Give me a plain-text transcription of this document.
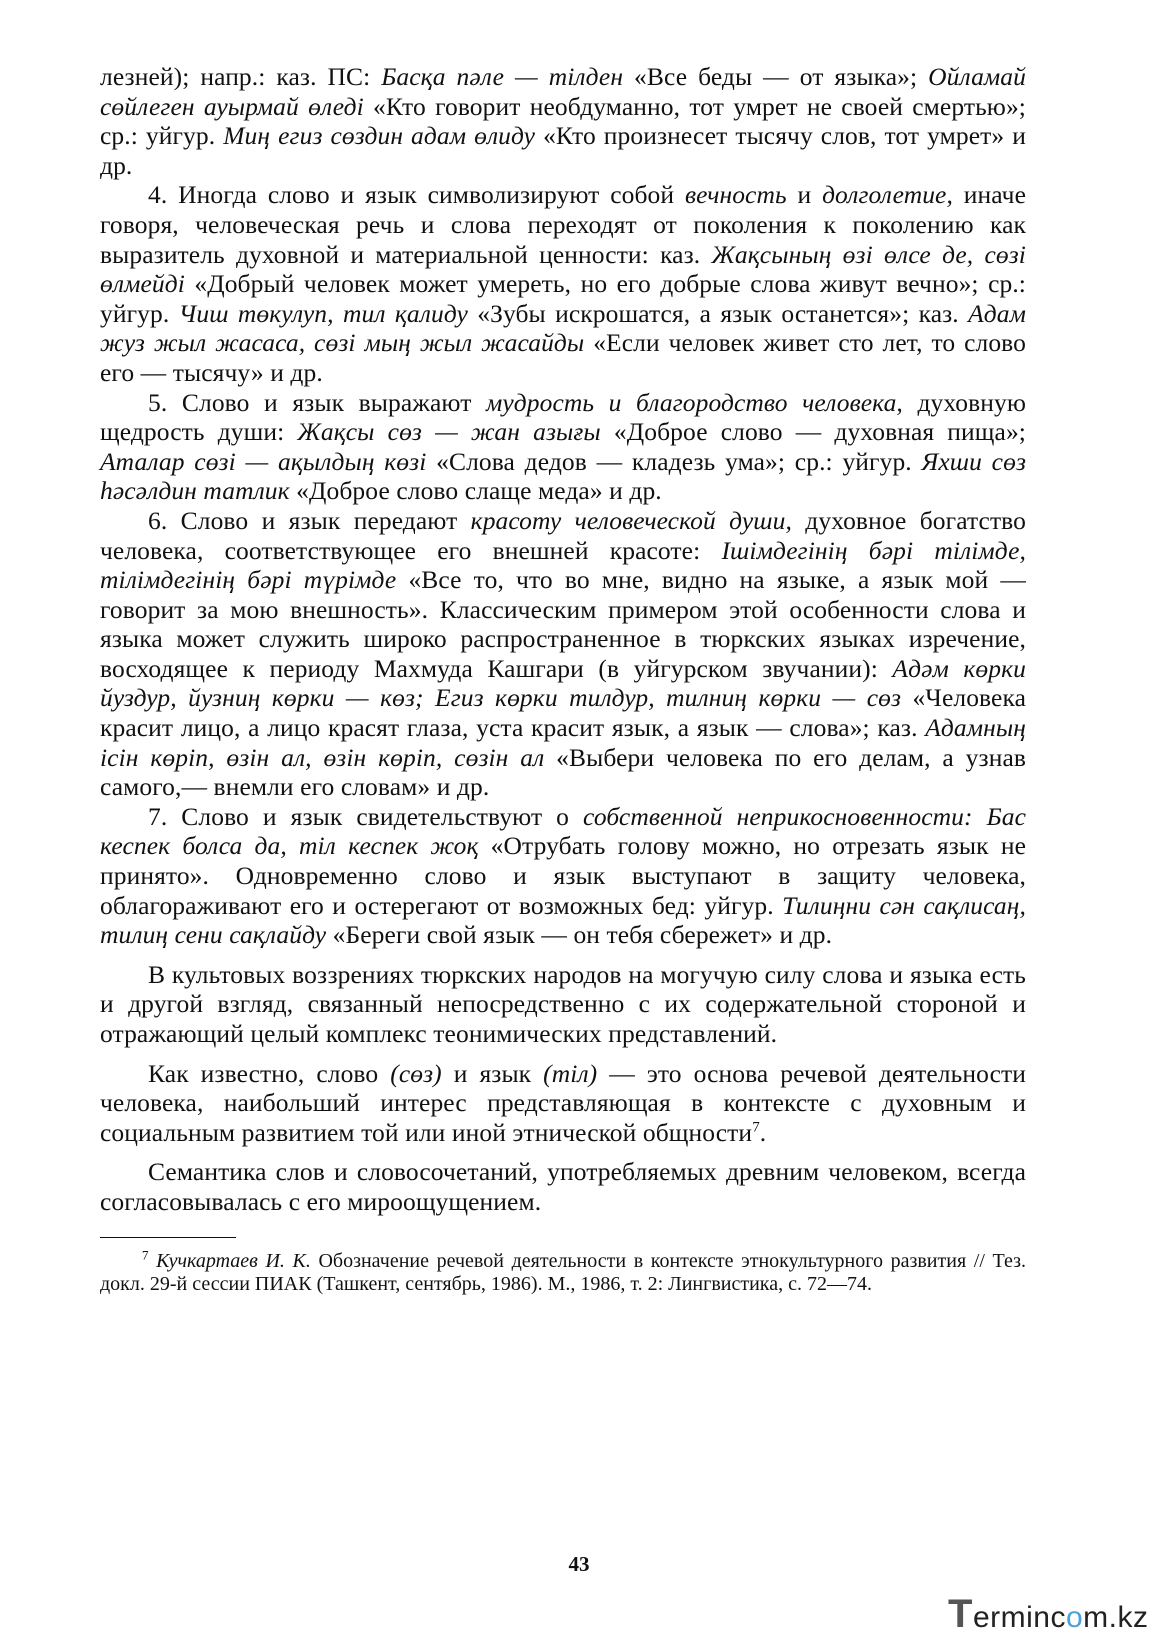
лезней); напр.: каз. ПС: Басқа пәле — тілден «Все беды — от языка»; Ойламай сөйлеген ауырмай өледі «Кто говорит необдуманно, тот умрет не своей смертью»; ср.: уйгур. Миң егиз сөздин адам өлиду «Кто произнесет тысячу слов, тот умрет» и др.

4. Иногда слово и язык символизируют собой вечность и долголетие, иначе говоря, человеческая речь и слова переходят от поколения к поколению как выразитель духовной и материальной ценности: каз. Жақсының өзі өлсе де, сөзі өлмейді «Добрый человек может умереть, но его добрые слова живут вечно»; ср.: уйгур. Чиш төкулуп, тил қалиду «Зубы искрошатся, а язык останется»; каз. Адам жуз жыл жасаса, сөзі мың жыл жасайды «Если человек живет сто лет, то слово его — тысячу» и др.

5. Слово и язык выражают мудрость и благородство человека, духовную щедрость души: Жақсы сөз — жан азығы «Доброе слово — духовная пища»; Аталар сөзі — ақылдың көзі «Слова дедов — кладезь ума»; ср.: уйгур. Яхши сөз һәсәлдин татлик «Доброе слово слаще меда» и др.

6. Слово и язык передают красоту человеческой души, духовное богатство человека, соответствующее его внешней красоте: Ішімдегінің бәрі тілімде, тілімдегінің бәрі түрімде «Все то, что во мне, видно на языке, а язык мой — говорит за мою внешность». Классическим примером этой особенности слова и языка может служить широко распространенное в тюркских языках изречение, восходящее к периоду Махмуда Кашгари (в уйгурском звучании): Адәм көрки йуздур, йузниң көрки — көз; Егиз көрки тилдур, тилниң көрки — сөз «Человека красит лицо, а лицо красят глаза, уста красит язык, а язык — слова»; каз. Адамның ісін көріп, өзін ал, өзін көріп, сөзін ал «Выбери человека по его делам, а узнав самого,— внемли его словам» и др.

7. Слово и язык свидетельствуют о собственной неприкосновенности: Бас кеспек болса да, тіл кеспек жоқ «Отрубать голову можно, но отрезать язык не принято». Одновременно слово и язык выступают в защиту человека, облагораживают его и остерегают от возможных бед: уйгур. Тилиңни сән сақлисаң, тилиң сени сақлайду «Береги свой язык — он тебя сбережет» и др.

В культовых воззрениях тюркских народов на могучую силу слова и языка есть и другой взгляд, связанный непосредственно с их содержательной стороной и отражающий целый комплекс теонимических представлений.

Как известно, слово (сөз) и язык (тіл) — это основа речевой деятельности человека, наибольший интерес представляющая в контексте с духовным и социальным развитием той или иной этнической общности$^7$.

Семантика слов и словосочетаний, употребляемых древним человеком, всегда согласовывалась с его мироощущением.

$^7$ Кучкартаев И. К. Обозначение речевой деятельности в контексте этнокультурного развития // Тез. докл. 29-й сессии ПИАК (Ташкент, сентябрь, 1986). М., 1986, т. 2: Лингвистика, с. 72—74.

43
Termincom.kz
